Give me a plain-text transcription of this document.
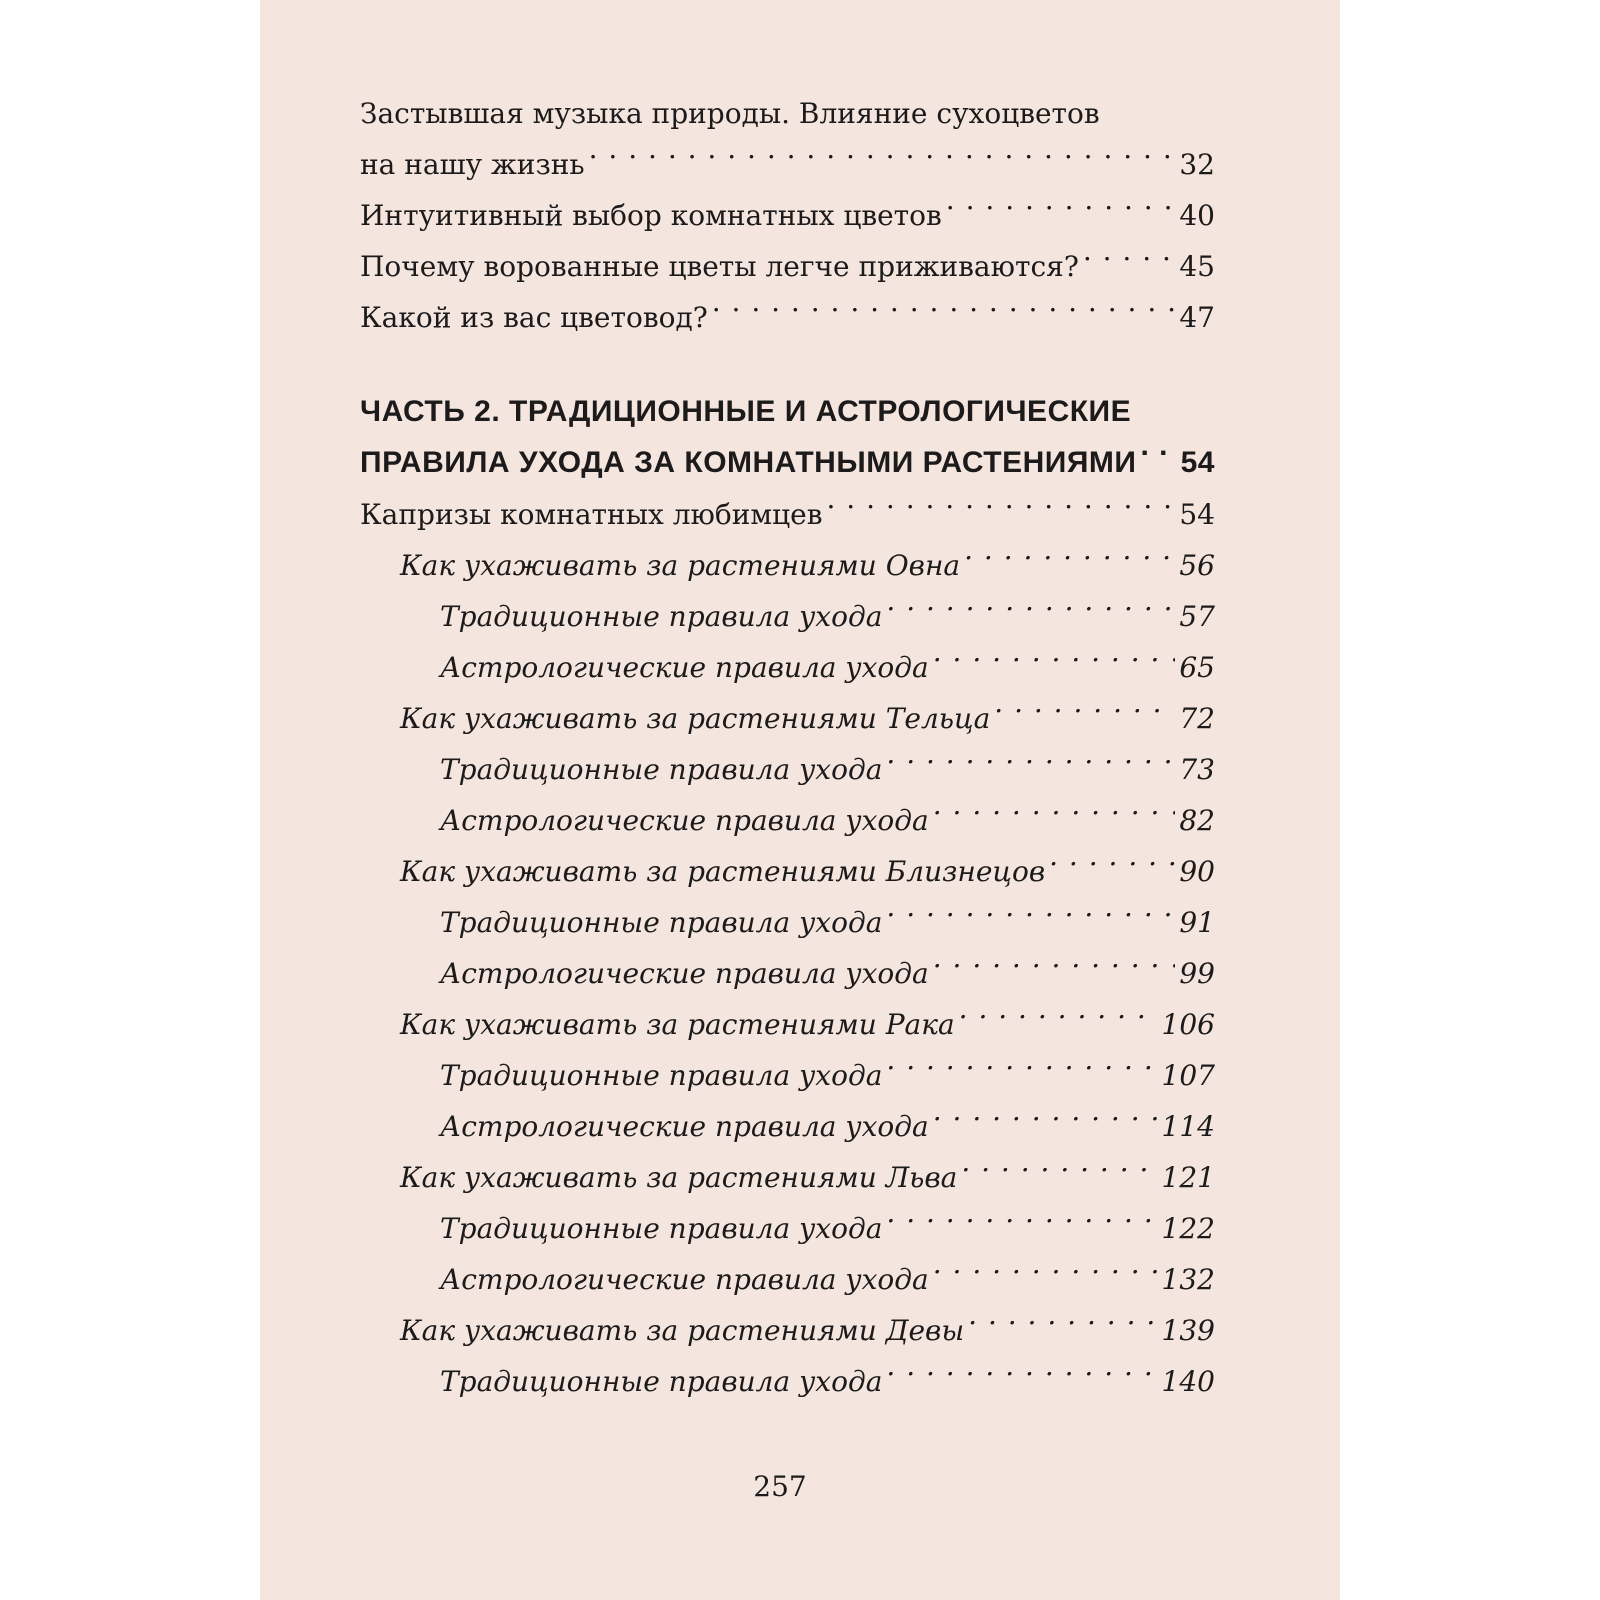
Застывшая музыка природы. Влияние сухоцветов
на нашу жизнь . . .	32
Интуитивный выбор комнатных цветов . . .	40
Почему ворованные цветы легче приживаются? . . .	45
Какой из вас цветовод? . . .	47
ЧАСТЬ 2. ТРАДИЦИОННЫЕ И АСТРОЛОГИЧЕСКИЕ
ПРАВИЛА УХОДА ЗА КОМНАТНЫМИ РАСТЕНИЯМИ . . . 54
Капризы комнатных любимцев . . .	54
Как ухаживать за растениями Овна . . .	56
Традиционные правила ухода . . .	57
Астрологические правила ухода . . .	65
Как ухаживать за растениями Тельца . . .	72
Традиционные правила ухода . . .	73
Астрологические правила ухода . . .	82
Как ухаживать за растениями Близнецов . . .	90
Традиционные правила ухода . . .	91
Астрологические правила ухода . . .	99
Как ухаживать за растениями Рака . . .	106
Традиционные правила ухода . . .	107
Астрологические правила ухода . . .	114
Как ухаживать за растениями Льва . . .	121
Традиционные правила ухода . . .	122
Астрологические правила ухода . . .	132
Как ухаживать за растениями Девы . . .	139
Традиционные правила ухода . . .	140
257
